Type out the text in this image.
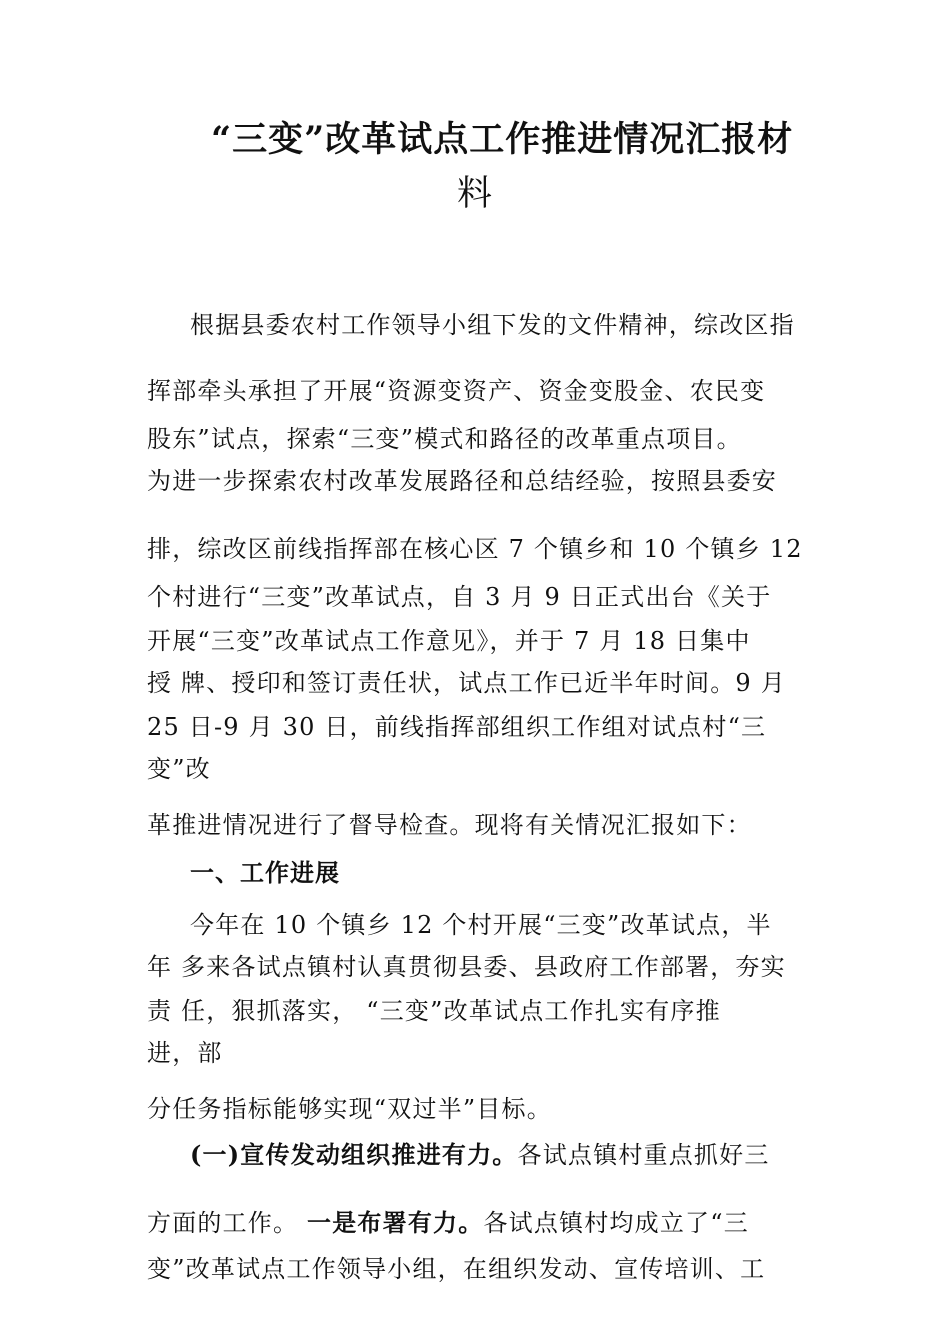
“三变”改革试点工作推进情况汇报材
料
根据县委农村工作领导小组下发的文件精神，综改区指
挥部牵头承担了开展“资源变资产、资金变股金、农民变
股东”试点，探索“三变”模式和路径的改革重点项目。
为进一步探索农村改革发展路径和总结经验，按照县委安
排，综改区前线指挥部在核心区 7 个镇乡和 10 个镇乡 12
个村进行“三变”改革试点，自 3 月 9 日正式出台《关于
开展“三变”改革试点工作意见》，并于 7 月 18 日集中
授 牌、授印和签订责任状，试点工作已近半年时间。9 月
25 日-9 月 30 日，前线指挥部组织工作组对试点村“三
变”改
革推进情况进行了督导检查。现将有关情况汇报如下：
一、工作进展
今年在 10 个镇乡 12 个村开展“三变”改革试点，半
年 多来各试点镇村认真贯彻县委、县政府工作部署，夯实
责 任，狠抓落实， “三变”改革试点工作扎实有序推
进，部
分任务指标能够实现“双过半”目标。
(一)宣传发动组织推进有力。各试点镇村重点抓好三
方面的工作。 一是布署有力。各试点镇村均成立了“三
变”改革试点工作领导小组，在组织发动、宣传培训、工
